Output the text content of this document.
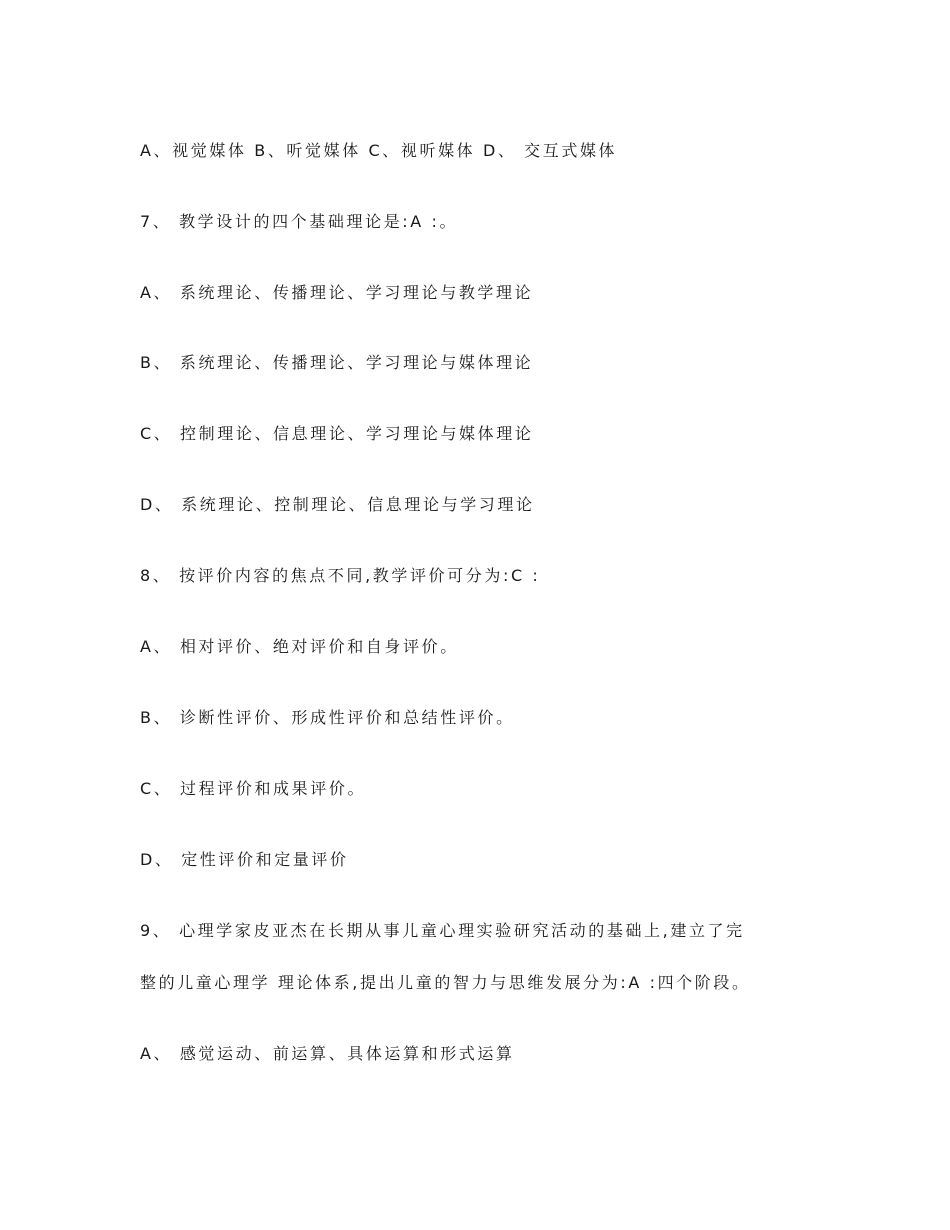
A、视觉媒体 B、听觉媒体 C、视听媒体 D、 交互式媒体
7、 教学设计的四个基础理论是:A :。
A、 系统理论、传播理论、学习理论与教学理论
B、 系统理论、传播理论、学习理论与媒体理论
C、 控制理论、信息理论、学习理论与媒体理论
D、 系统理论、控制理论、信息理论与学习理论
8、 按评价内容的焦点不同,教学评价可分为:C :
A、 相对评价、绝对评价和自身评价。
B、 诊断性评价、形成性评价和总结性评价。
C、 过程评价和成果评价。
D、 定性评价和定量评价
9、 心理学家皮亚杰在长期从事儿童心理实验研究活动的基础上,建立了完
整的儿童心理学 理论体系,提出儿童的智力与思维发展分为:A :四个阶段。
A、 感觉运动、前运算、具体运算和形式运算
